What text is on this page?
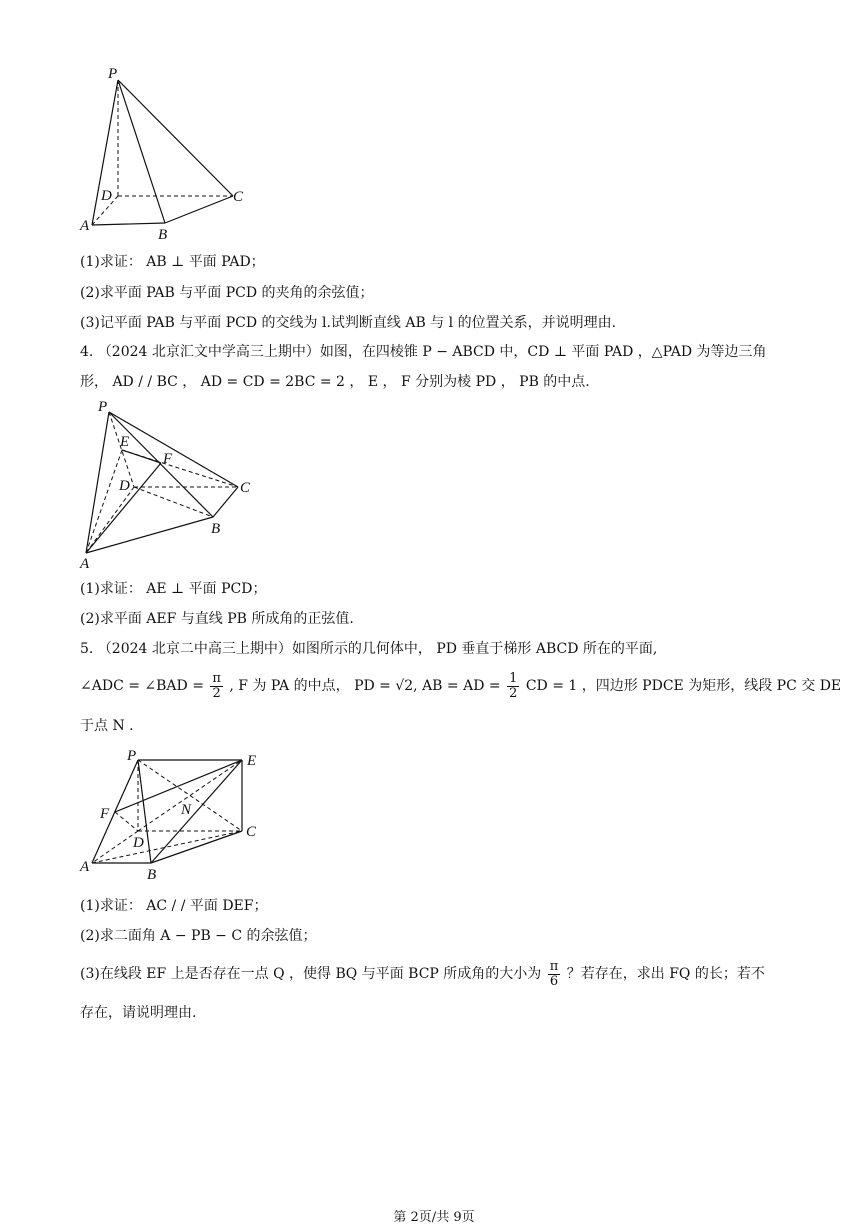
P
D	C
A
B
(1)求证： AB ⊥ 平面 PAD；
(2)求平面 PAB 与平面 PCD 的夹角的余弦值；
(3)记平面 PAB 与平面 PCD 的交线为 l.试判断直线 AB 与 l 的位置关系，并说明理由.
4. （2024 北京汇文中学高三上期中）如图，在四棱锥 P − ABCD 中，CD ⊥ 平面 PAD ，△PAD 为等边三角
形， AD / / BC ， AD = CD = 2BC = 2 ， E ， F 分别为棱 PD ， PB 的中点.
P
E
F
D	C
B
A
(1)求证： AE ⊥ 平面 PCD；
(2)求平面 AEF 与直线 PB 所成角的正弦值.
5. （2024 北京二中高三上期中）如图所示的几何体中， PD 垂直于梯形 ABCD 所在的平面,
∠ADC = ∠BAD = $\frac{\pi}{2}$ , F 为 PA 的中点， PD = √2, AB = AD = $\frac{1}{2}$ CD = 1 ，四边形 PDCE 为矩形，线段 PC 交 DE
于点 N .
P	E
F	N
D
C
A	B
(1)求证： AC / / 平面 DEF；
(2)求二面角 A − PB − C 的余弦值；
(3)在线段 EF 上是否存在一点 Q ，使得 BQ 与平面 BCP 所成角的大小为 $\frac{\pi}{6}$ ？若存在，求出 FQ 的长；若不
存在，请说明理由.
第 2页/共 9页
